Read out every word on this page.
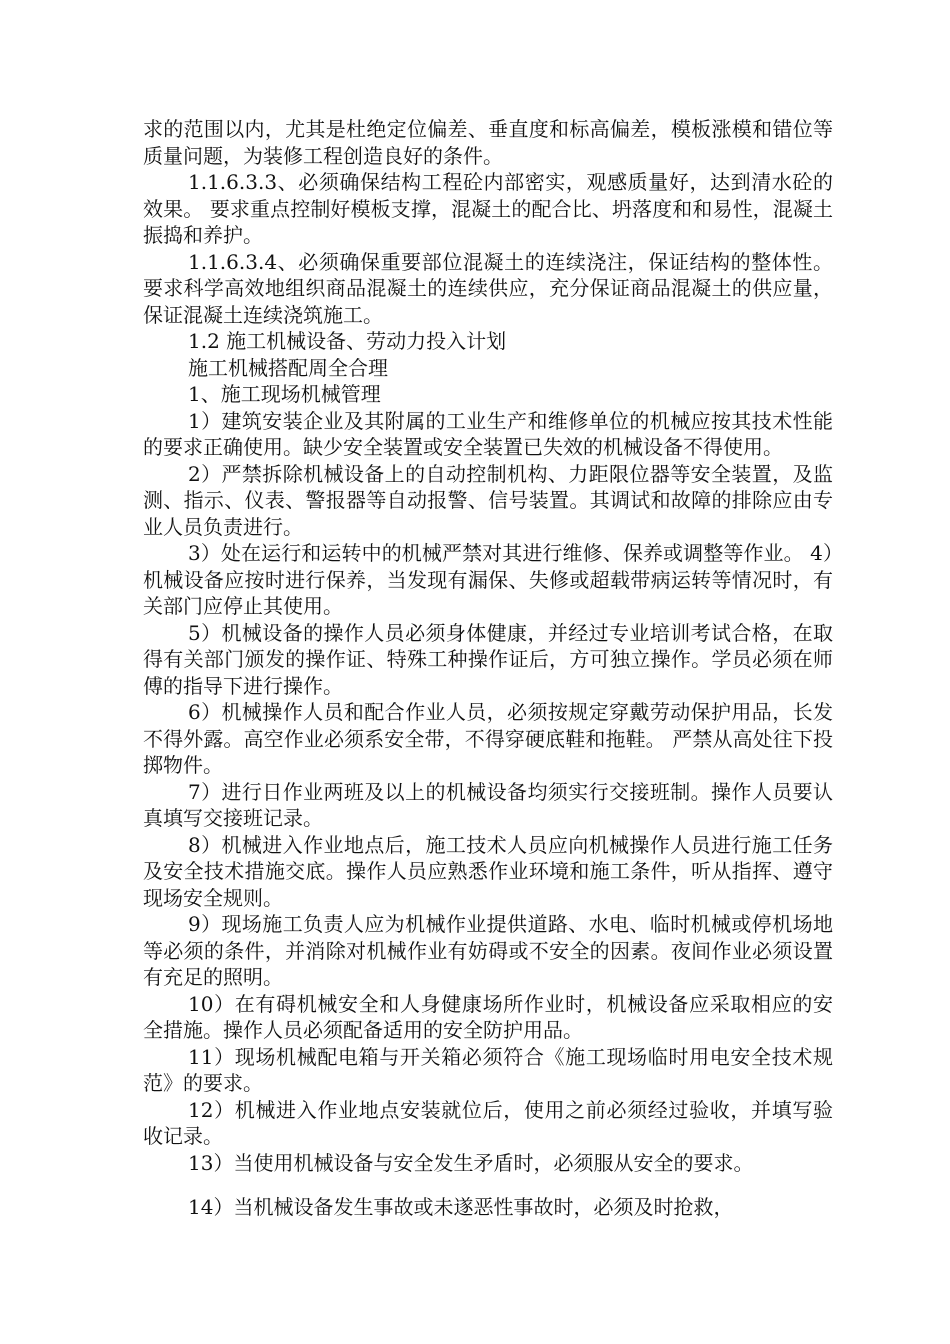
求的范围以内，尤其是杜绝定位偏差、垂直度和标高偏差，模板涨模和错位等质量问题，为装修工程创造良好的条件。

1.1.6.3.3、必须确保结构工程砼内部密实，观感质量好，达到清水砼的效果。 要求重点控制好模板支撑，混凝土的配合比、坍落度和和易性，混凝土振捣和养护。

1.1.6.3.4、必须确保重要部位混凝土的连续浇注，保证结构的整体性。 要求科学高效地组织商品混凝土的连续供应，充分保证商品混凝土的供应量，保证混凝土连续浇筑施工。

1.2 施工机械设备、劳动力投入计划

施工机械搭配周全合理

1、施工现场机械管理

1）建筑安装企业及其附属的工业生产和维修单位的机械应按其技术性能的要求正确使用。缺少安全装置或安全装置已失效的机械设备不得使用。

2）严禁拆除机械设备上的自动控制机构、力距限位器等安全装置，及监测、指示、仪表、警报器等自动报警、信号装置。其调试和故障的排除应由专业人员负责进行。

3）处在运行和运转中的机械严禁对其进行维修、保养或调整等作业。 4）机械设备应按时进行保养，当发现有漏保、失修或超载带病运转等情况时，有关部门应停止其使用。

5）机械设备的操作人员必须身体健康，并经过专业培训考试合格，在取得有关部门颁发的操作证、特殊工种操作证后，方可独立操作。学员必须在师傅的指导下进行操作。

6）机械操作人员和配合作业人员，必须按规定穿戴劳动保护用品，长发不得外露。高空作业必须系安全带，不得穿硬底鞋和拖鞋。 严禁从高处往下投掷物件。

7）进行日作业两班及以上的机械设备均须实行交接班制。操作人员要认真填写交接班记录。

8）机械进入作业地点后，施工技术人员应向机械操作人员进行施工任务及安全技术措施交底。操作人员应熟悉作业环境和施工条件，听从指挥、遵守现场安全规则。

9）现场施工负责人应为机械作业提供道路、水电、临时机械或停机场地等必须的条件，并消除对机械作业有妨碍或不安全的因素。夜间作业必须设置有充足的照明。

10）在有碍机械安全和人身健康场所作业时，机械设备应采取相应的安全措施。操作人员必须配备适用的安全防护用品。

11）现场机械配电箱与开关箱必须符合《施工现场临时用电安全技术规范》的要求。

12）机械进入作业地点安装就位后，使用之前必须经过验收，并填写验收记录。

13）当使用机械设备与安全发生矛盾时，必须服从安全的要求。

14）当机械设备发生事故或未遂恶性事故时，必须及时抢救，
